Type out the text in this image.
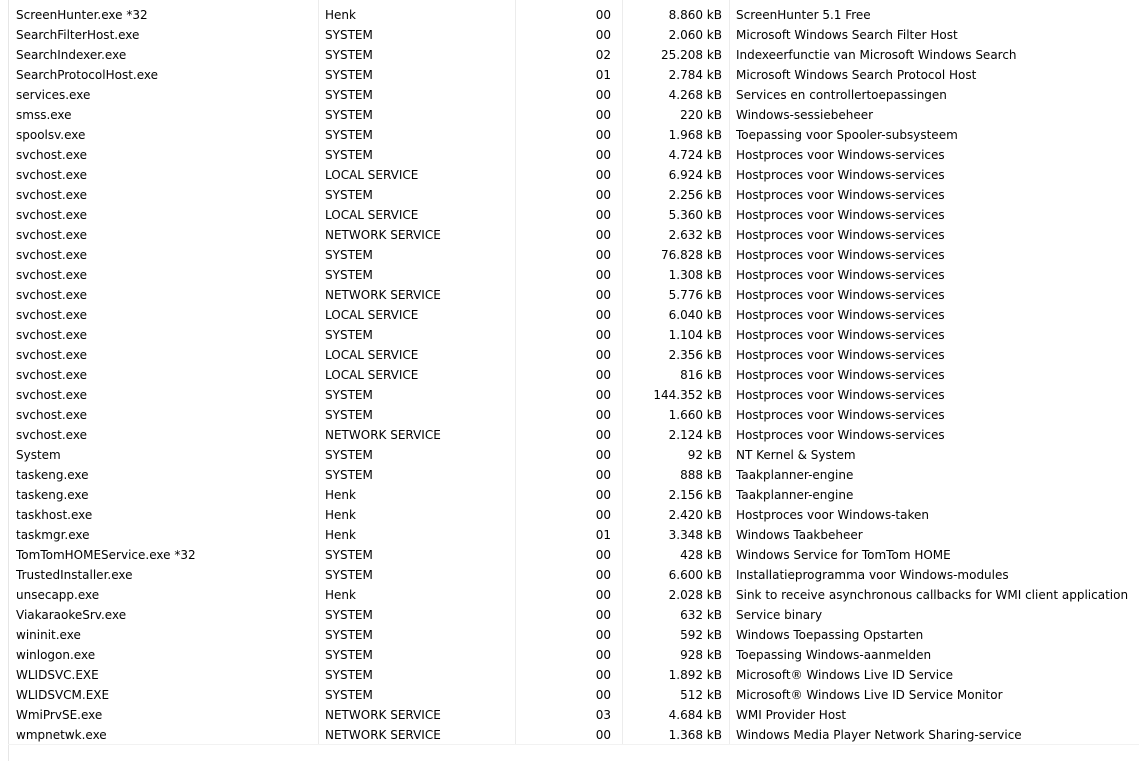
ScreenHunter.exe *32	Henk	00	8.860 kB ScreenHunter 5.1 Free
SearchFilterHost.exe	SYSTEM	00	2.060 kB Microsoft Windows Search Filter Host
SearchIndexer.exe	SYSTEM	02	25.208 kB Indexeerfunctie van Microsoft Windows Search
SearchProtocolHost.exe	SYSTEM	01	2.784 kB Microsoft Windows Search Protocol Host
services.exe	SYSTEM	00	4.268 kB Services en controllertoepassingen
smss.exe	SYSTEM	00	220 kB Windows-sessiebeheer
spoolsv.exe	SYSTEM	00	1.968 kB Toepassing voor Spooler-subsysteem
svchost.exe	SYSTEM	00	4.724 kB Hostproces voor Windows-services
svchost.exe	LOCAL SERVICE	00	6.924 kB Hostproces voor Windows-services
svchost.exe	SYSTEM	00	2.256 kB Hostproces voor Windows-services
svchost.exe	LOCAL SERVICE	00	5.360 kB Hostproces voor Windows-services
svchost.exe	NETWORK SERVICE	00	2.632 kB Hostproces voor Windows-services
svchost.exe	SYSTEM	00	76.828 kB Hostproces voor Windows-services
svchost.exe	SYSTEM	00	1.308 kB Hostproces voor Windows-services
svchost.exe	NETWORK SERVICE	00	5.776 kB Hostproces voor Windows-services
svchost.exe	LOCAL SERVICE	00	6.040 kB Hostproces voor Windows-services
svchost.exe	SYSTEM	00	1.104 kB Hostproces voor Windows-services
svchost.exe	LOCAL SERVICE	00	2.356 kB Hostproces voor Windows-services
svchost.exe	LOCAL SERVICE	00	816 kB Hostproces voor Windows-services
svchost.exe	SYSTEM	00	144.352 kB Hostproces voor Windows-services
svchost.exe	SYSTEM	00	1.660 kB Hostproces voor Windows-services
svchost.exe	NETWORK SERVICE	00	2.124 kB Hostproces voor Windows-services
System	SYSTEM	00	92 kB NT Kernel & System
taskeng.exe	SYSTEM	00	888 kB Taakplanner-engine
taskeng.exe	Henk	00	2.156 kB Taakplanner-engine
taskhost.exe	Henk	00	2.420 kB Hostproces voor Windows-taken
taskmgr.exe	Henk	01	3.348 kB Windows Taakbeheer
TomTomHOMEService.exe *32	SYSTEM	00	428 kB Windows Service for TomTom HOME
TrustedInstaller.exe	SYSTEM	00	6.600 kB Installatieprogramma voor Windows-modules
unsecapp.exe	Henk	00	2.028 kB Sink to receive asynchronous callbacks for WMI client application
ViakaraokeSrv.exe	SYSTEM	00	632 kB Service binary
wininit.exe	SYSTEM	00	592 kB Windows Toepassing Opstarten
winlogon.exe	SYSTEM	00	928 kB Toepassing Windows-aanmelden
WLIDSVC.EXE	SYSTEM	00	1.892 kB Microsoft® Windows Live ID Service
WLIDSVCM.EXE	SYSTEM	00	512 kB Microsoft® Windows Live ID Service Monitor
WmiPrvSE.exe	NETWORK SERVICE	03	4.684 kB WMI Provider Host
wmpnetwk.exe	NETWORK SERVICE	00	1.368 kB Windows Media Player Network Sharing-service
